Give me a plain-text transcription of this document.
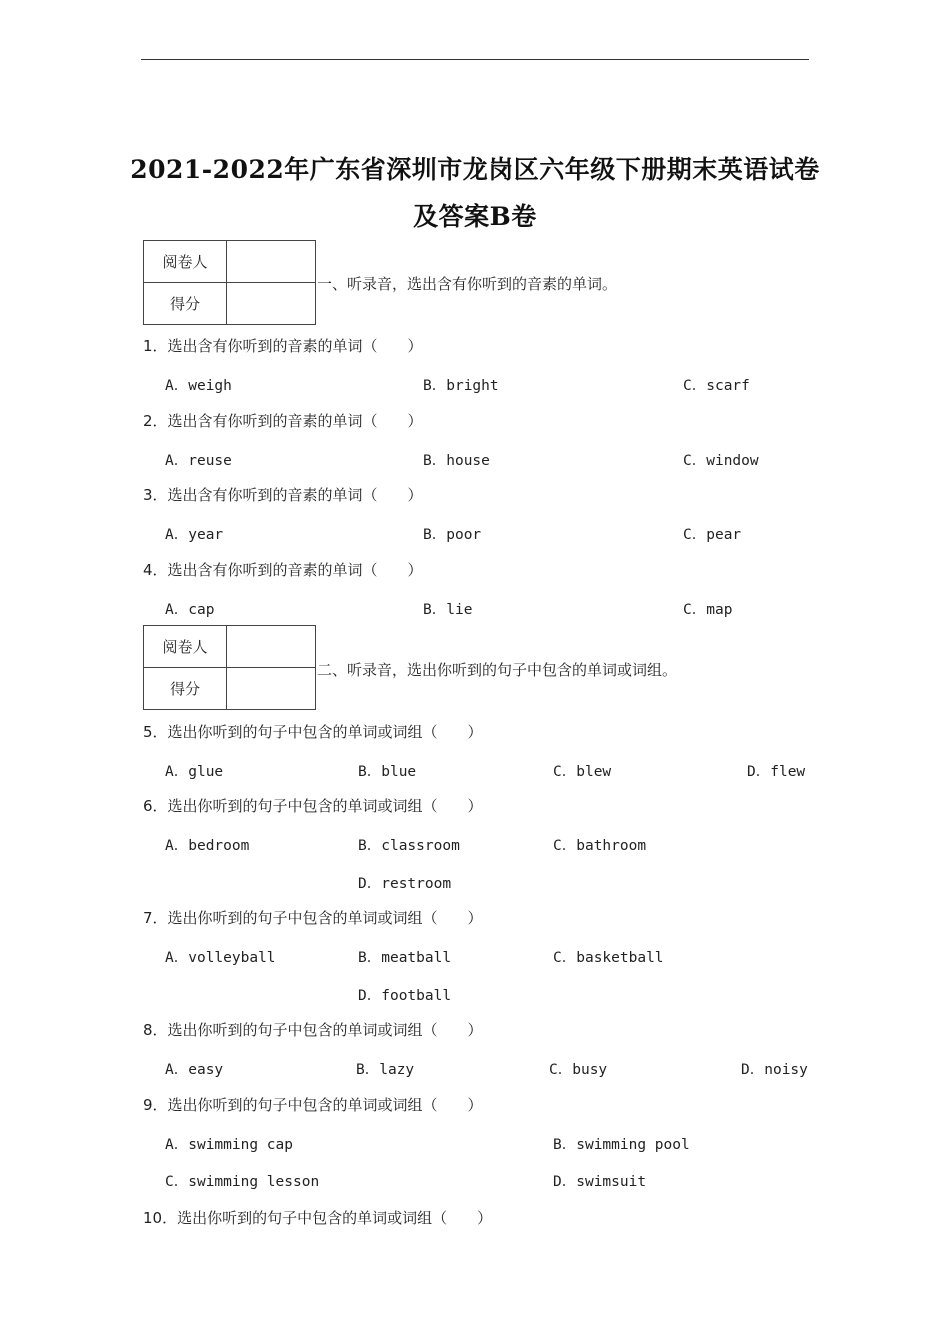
2021-2022年广东省深圳市龙岗区六年级下册期末英语试卷
及答案B卷
阅卷人	
得分	
一、听录音，选出含有你听到的音素的单词。
1．选出含有你听到的音素的单词（　　）
A．weigh	B．bright	C．scarf
2．选出含有你听到的音素的单词（　　）
A．reuse	B．house	C．window
3．选出含有你听到的音素的单词（　　）
A．year	B．poor	C．pear
4．选出含有你听到的音素的单词（　　）
A．cap	B．lie	C．map
阅卷人	
得分	
二、听录音，选出你听到的句子中包含的单词或词组。
5．选出你听到的句子中包含的单词或词组（　　）
A．glue	B．blue	C．blew	D．flew
6．选出你听到的句子中包含的单词或词组（　　）
A．bedroom	B．classroom	C．bathroom
D．restroom
7．选出你听到的句子中包含的单词或词组（　　）
A．volleyball	B．meatball	C．basketball
D．football
8．选出你听到的句子中包含的单词或词组（　　）
A．easy	B．lazy	C．busy	D．noisy
9．选出你听到的句子中包含的单词或词组（　　）
A．swimming cap	B．swimming pool
C．swimming lesson	D．swimsuit
10．选出你听到的句子中包含的单词或词组（　　）
